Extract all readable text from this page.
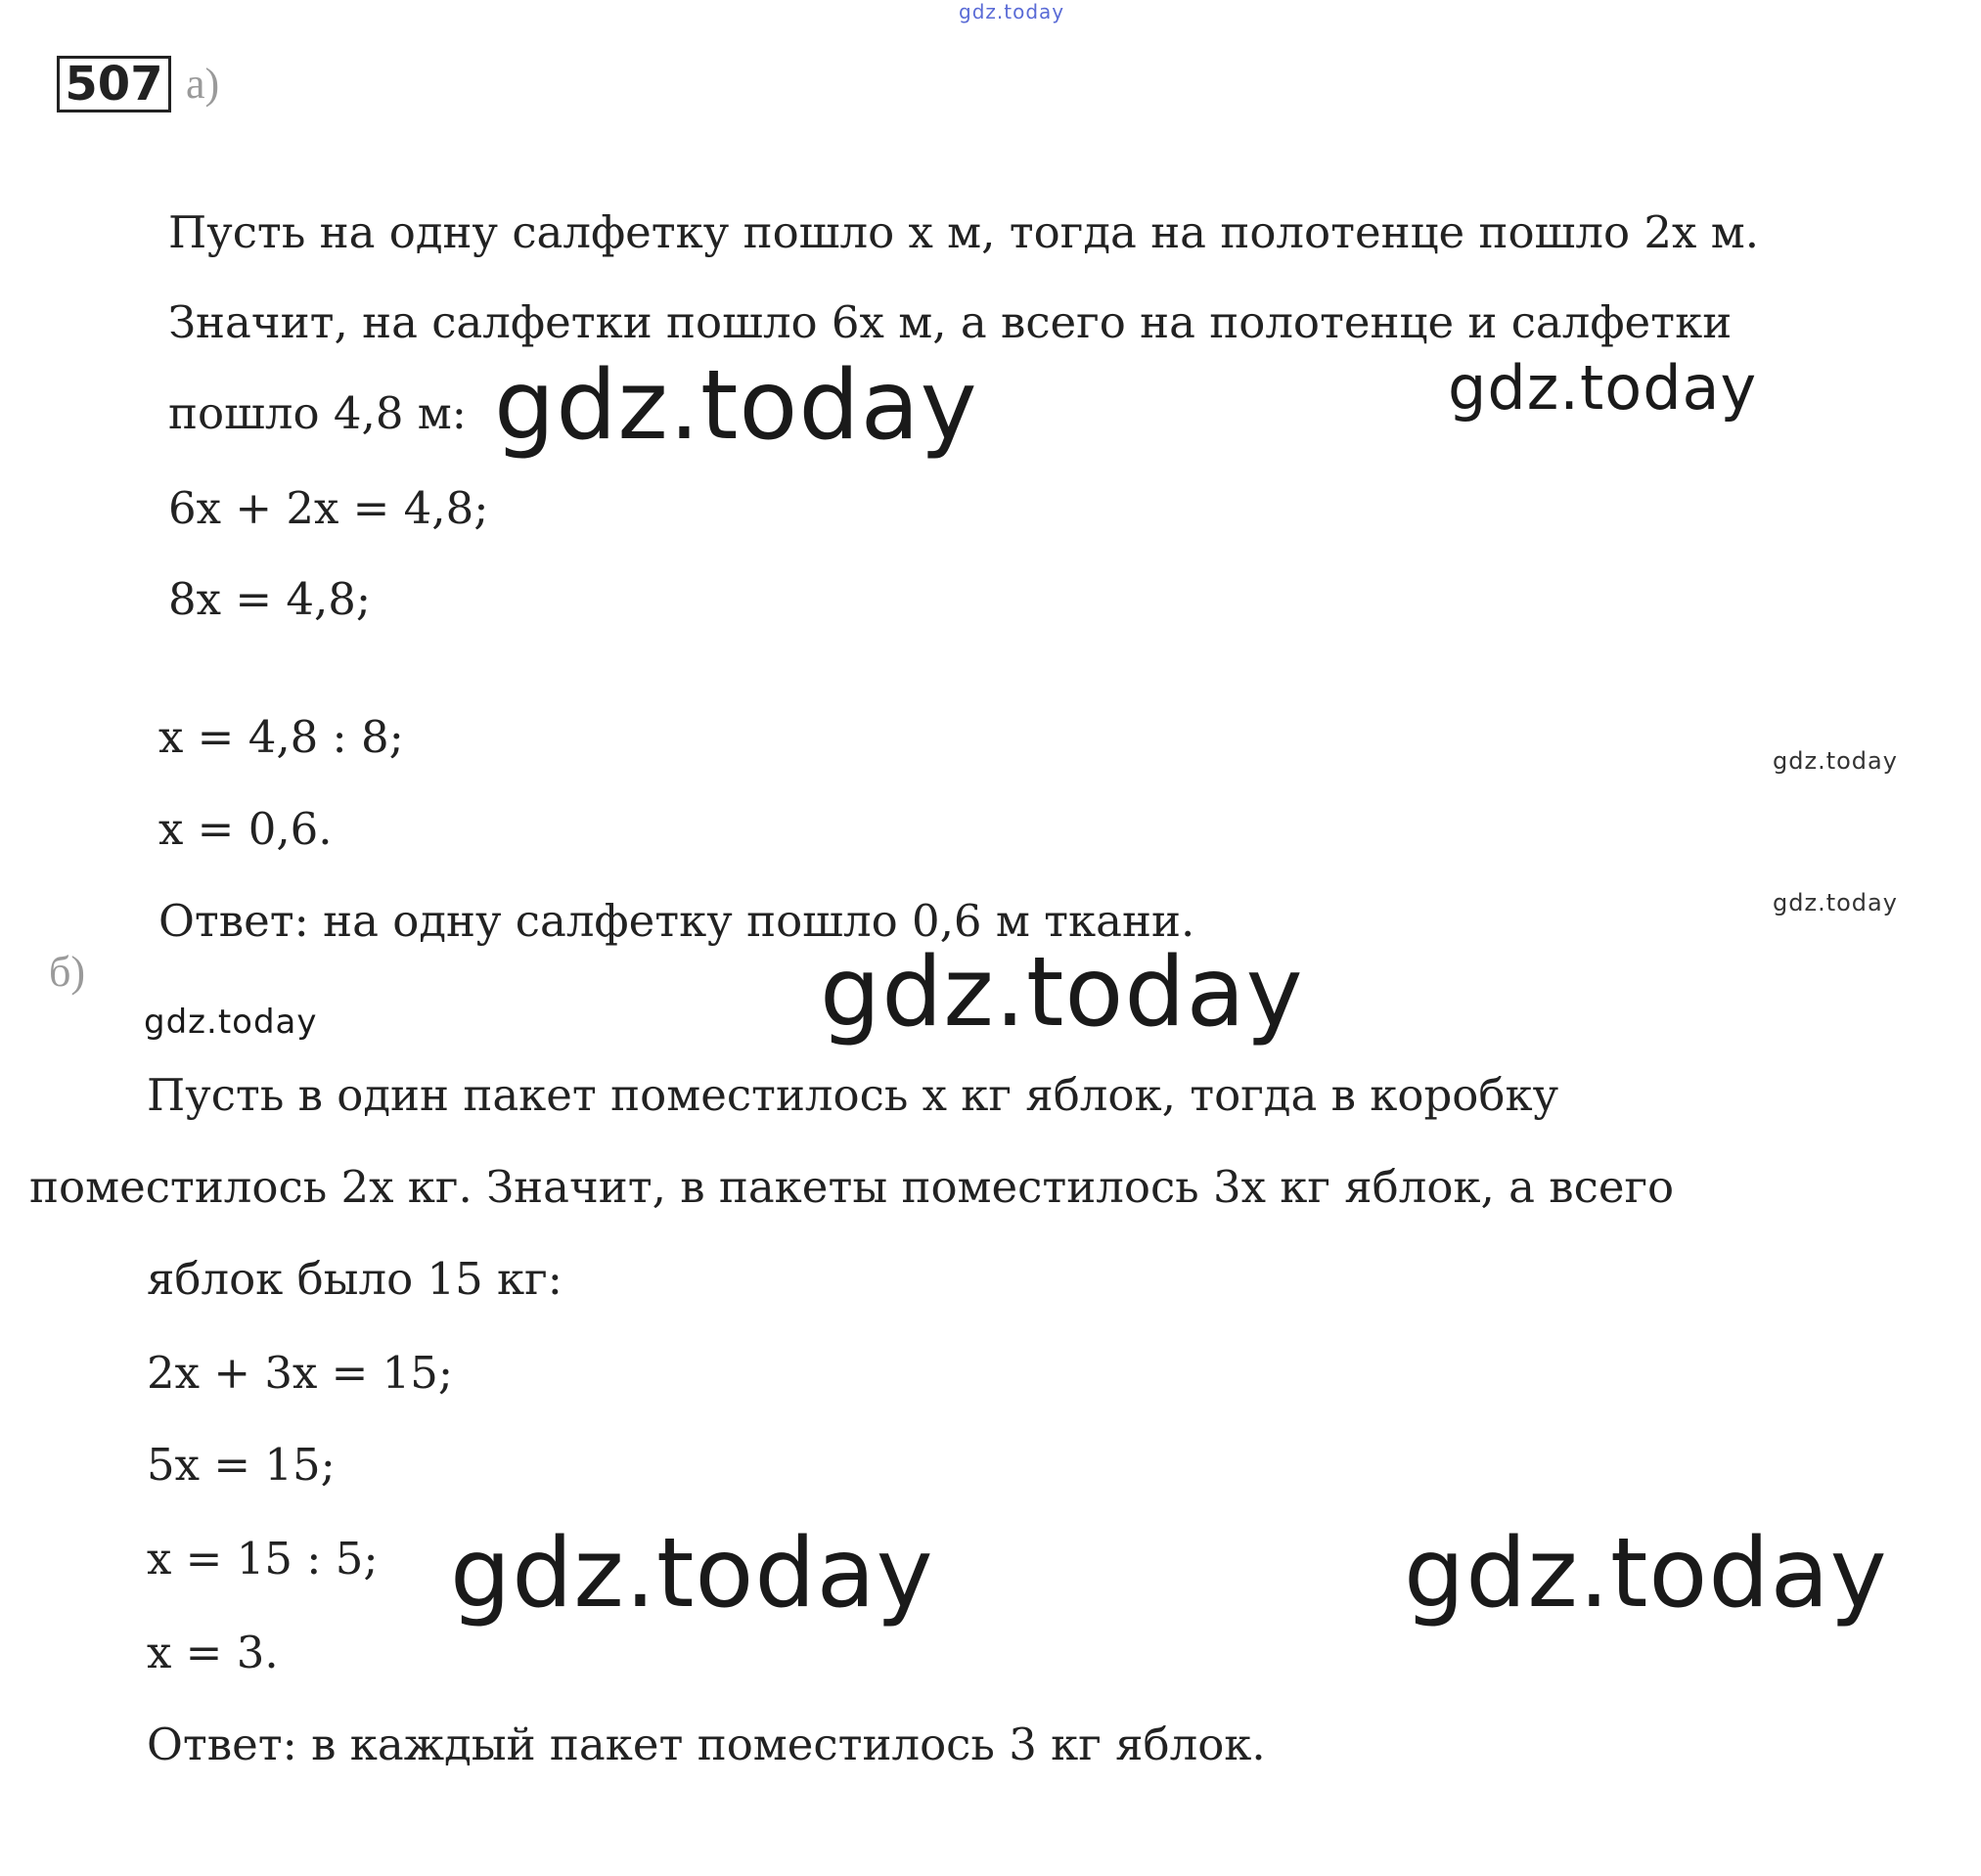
gdz.today
507 а)
Пусть на одну салфетку пошло x м, тогда на полотенце пошло 2x м.
Значит, на салфетки пошло 6x м, а всего на полотенце и салфетки
пошло 4,8 м:
6x + 2x = 4,8;
8x = 4,8;
x = 4,8 : 8;
x = 0,6.
Ответ: на одну салфетку пошло 0,6 м ткани.
б)
Пусть в один пакет поместилось x кг яблок, тогда в коробку
поместилось 2x кг. Значит, в пакеты поместилось 3x кг яблок, а всего
яблок было 15 кг:
2x + 3x = 15;
5x = 15;
x = 15 : 5;
x = 3.
Ответ: в каждый пакет поместилось 3 кг яблок.
gdz.today	gdz.today
gdz.today
gdz.today
gdz.today
gdz.today
gdz.today	gdz.today
